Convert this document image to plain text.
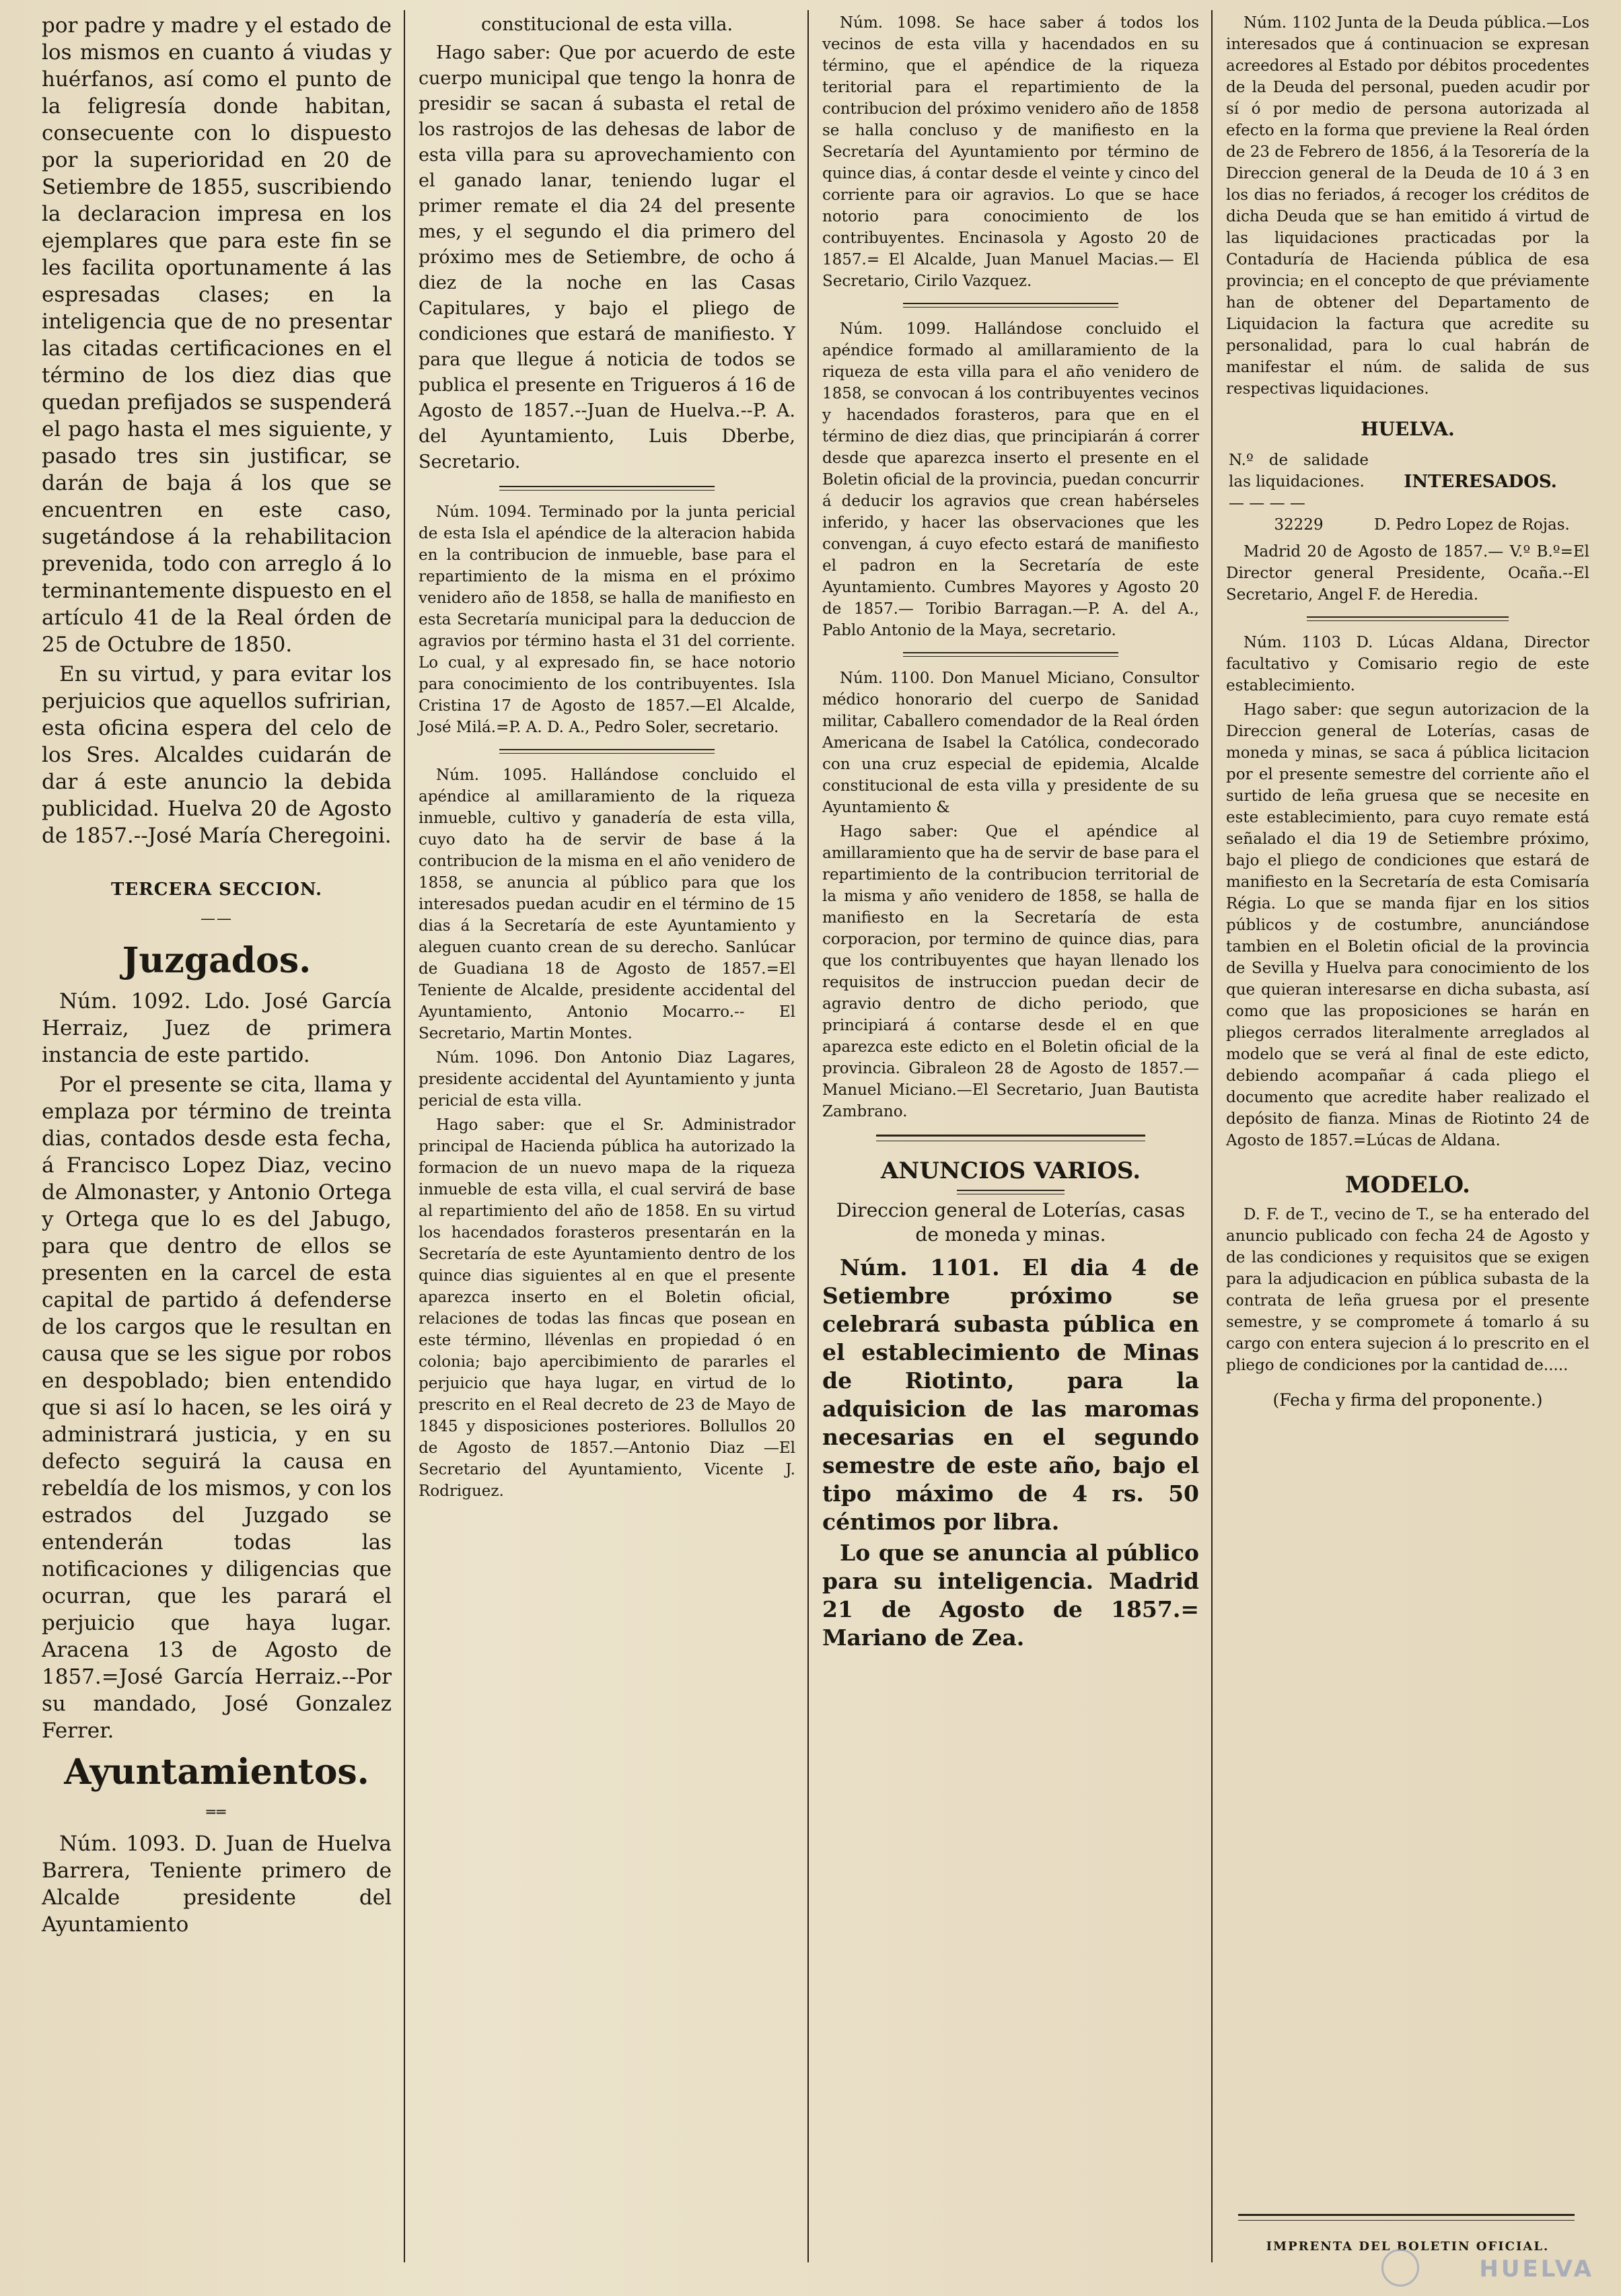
por padre y madre y el estado de los mismos en cuanto á viudas y huérfanos, así como el punto de la feligresía donde habitan, consecuente con lo dispuesto por la superioridad en 20 de Setiembre de 1855, suscribiendo la declaracion impresa en los ejemplares que para este fin se les facilita oportunamente á las espresadas clases; en la inteligencia que de no presentar las citadas certificaciones en el término de los diez dias que quedan prefijados se suspenderá el pago hasta el mes siguiente, y pasado tres sin justificar, se darán de baja á los que se encuentren en este caso, sugetándose á la rehabilitacion prevenida, todo con arreglo á lo terminantemente dispuesto en el artículo 41 de la Real órden de 25 de Octubre de 1850.

En su virtud, y para evitar los perjuicios que aquellos sufririan, esta oficina espera del celo de los Sres. Alcaldes cuidarán de dar á este anuncio la debida publicidad. Huelva 20 de Agosto de 1857.--José María Cheregoini.

TERCERA SECCION.
——
Juzgados.

Núm. 1092. Ldo. José García Herraiz, Juez de primera instancia de este partido.

Por el presente se cita, llama y emplaza por término de treinta dias, contados desde esta fecha, á Francisco Lopez Diaz, vecino de Almonaster, y Antonio Ortega y Ortega que lo es del Jabugo, para que dentro de ellos se presenten en la carcel de esta capital de partido á defenderse de los cargos que le resultan en causa que se les sigue por robos en despoblado; bien entendido que si así lo hacen, se les oirá y administrará justicia, y en su defecto seguirá la causa en rebeldía de los mismos, y con los estrados del Juzgado se entenderán todas las notificaciones y diligencias que ocurran, que les parará el perjuicio que haya lugar. Aracena 13 de Agosto de 1857.=José García Herraiz.--Por su mandado, José Gonzalez Ferrer.

Ayuntamientos.
══

Núm. 1093. D. Juan de Huelva Barrera, Teniente primero de Alcalde presidente del Ayuntamiento

constitucional de esta villa.

Hago saber: Que por acuerdo de este cuerpo municipal que tengo la honra de presidir se sacan á subasta el retal de los rastrojos de las dehesas de labor de esta villa para su aprovechamiento con el ganado lanar, teniendo lugar el primer remate el dia 24 del presente mes, y el segundo el dia primero del próximo mes de Setiembre, de ocho á diez de la noche en las Casas Capitulares, y bajo el pliego de condiciones que estará de manifiesto. Y para que llegue á noticia de todos se publica el presente en Trigueros á 16 de Agosto de 1857.--Juan de Huelva.--P. A. del Ayuntamiento, Luis Dberbe, Secretario.

Núm. 1094. Terminado por la junta pericial de esta Isla el apéndice de la alteracion habida en la contribucion de inmueble, base para el repartimiento de la misma en el próximo venidero año de 1858, se halla de manifiesto en esta Secretaría municipal para la deduccion de agravios por término hasta el 31 del corriente. Lo cual, y al expresado fin, se hace notorio para conocimiento de los contribuyentes. Isla Cristina 17 de Agosto de 1857.—El Alcalde, José Milá.=P. A. D. A., Pedro Soler, secretario.

Núm. 1095. Hallándose concluido el apéndice al amillaramiento de la riqueza inmueble, cultivo y ganadería de esta villa, cuyo dato ha de servir de base á la contribucion de la misma en el año venidero de 1858, se anuncia al público para que los interesados puedan acudir en el término de 15 dias á la Secretaría de este Ayuntamiento y aleguen cuanto crean de su derecho. Sanlúcar de Guadiana 18 de Agosto de 1857.=El Teniente de Alcalde, presidente accidental del Ayuntamiento, Antonio Mocarro.-- El Secretario, Martin Montes.

Núm. 1096. Don Antonio Diaz Lagares, presidente accidental del Ayuntamiento y junta pericial de esta villa.

Hago saber: que el Sr. Administrador principal de Hacienda pública ha autorizado la formacion de un nuevo mapa de la riqueza inmueble de esta villa, el cual servirá de base al repartimiento del año de 1858. En su virtud los hacendados forasteros presentarán en la Secretaría de este Ayuntamiento dentro de los quince dias siguientes al en que el presente aparezca inserto en el Boletin oficial, relaciones de todas las fincas que posean en este término, llévenlas en propiedad ó en colonia; bajo apercibimiento de pararles el perjuicio que haya lugar, en virtud de lo prescrito en el Real decreto de 23 de Mayo de 1845 y disposiciones posteriores. Bollullos 20 de Agosto de 1857.—Antonio Diaz —El Secretario del Ayuntamiento, Vicente J. Rodriguez.

Núm. 1098. Se hace saber á todos los vecinos de esta villa y hacendados en su término, que el apéndice de la riqueza teritorial para el repartimiento de la contribucion del próximo venidero año de 1858 se halla concluso y de manifiesto en la Secretaría del Ayuntamiento por término de quince dias, á contar desde el veinte y cinco del corriente para oir agravios. Lo que se hace notorio para conocimiento de los contribuyentes. Encinasola y Agosto 20 de 1857.= El Alcalde, Juan Manuel Macias.— El Secretario, Cirilo Vazquez.

Núm. 1099. Hallándose concluido el apéndice formado al amillaramiento de la riqueza de esta villa para el año venidero de 1858, se convocan á los contribuyentes vecinos y hacendados forasteros, para que en el término de diez dias, que principiarán á correr desde que aparezca inserto el presente en el Boletin oficial de la provincia, puedan concurrir á deducir los agravios que crean habérseles inferido, y hacer las observaciones que les convengan, á cuyo efecto estará de manifiesto el padron en la Secretaría de este Ayuntamiento. Cumbres Mayores y Agosto 20 de 1857.— Toribio Barragan.—P. A. del A., Pablo Antonio de la Maya, secretario.

Núm. 1100. Don Manuel Miciano, Consultor médico honorario del cuerpo de Sanidad militar, Caballero comendador de la Real órden Americana de Isabel la Católica, condecorado con una cruz especial de epidemia, Alcalde constitucional de esta villa y presidente de su Ayuntamiento &

Hago saber: Que el apéndice al amillaramiento que ha de servir de base para el repartimiento de la contribucion territorial de la misma y año venidero de 1858, se halla de manifiesto en la Secretaría de esta corporacion, por termino de quince dias, para que los contribuyentes que hayan llenado los requisitos de instruccion puedan decir de agravio dentro de dicho periodo, que principiará á contarse desde el en que aparezca este edicto en el Boletin oficial de la provincia. Gibraleon 28 de Agosto de 1857.—Manuel Miciano.—El Secretario, Juan Bautista Zambrano.

ANUNCIOS VARIOS.
Direccion general de Loterías, casas de moneda y minas.

Núm. 1101. El dia 4 de Setiembre próximo se celebrará subasta pública en el establecimiento de Minas de Riotinto, para la adquisicion de las maromas necesarias en el segundo semestre de este año, bajo el tipo máximo de 4 rs. 50 céntimos por libra.

Lo que se anuncia al público para su inteligencia. Madrid 21 de Agosto de 1857.= Mariano de Zea.

Núm. 1102 Junta de la Deuda pública.—Los interesados que á continuacion se expresan acreedores al Estado por débitos procedentes de la Deuda del personal, pueden acudir por sí ó por medio de persona autorizada al efecto en la forma que previene la Real órden de 23 de Febrero de 1856, á la Tesorería de la Direccion general de la Deuda de 10 á 3 en los dias no feriados, á recoger los créditos de dicha Deuda que se han emitido á virtud de las liquidaciones practicadas por la Contaduría de Hacienda pública de esa provincia; en el concepto de que préviamente han de obtener del Departamento de Liquidacion la factura que acredite su personalidad, para lo cual habrán de manifestar el núm. de salida de sus respectivas liquidaciones.

HUELVA.
N.º de salidade las liquidaciones.	INTERESADOS.
— — — —	
32229	D. Pedro Lopez de Rojas.

Madrid 20 de Agosto de 1857.— V.º B.º=El Director general Presidente, Ocaña.--El Secretario, Angel F. de Heredia.

Núm. 1103 D. Lúcas Aldana, Director facultativo y Comisario regio de este establecimiento.

Hago saber: que segun autorizacion de la Direccion general de Loterías, casas de moneda y minas, se saca á pública licitacion por el presente semestre del corriente año el surtido de leña gruesa que se necesite en este establecimiento, para cuyo remate está señalado el dia 19 de Setiembre próximo, bajo el pliego de condiciones que estará de manifiesto en la Secretaría de esta Comisaría Régia. Lo que se manda fijar en los sitios públicos y de costumbre, anunciándose tambien en el Boletin oficial de la provincia de Sevilla y Huelva para conocimiento de los que quieran interesarse en dicha subasta, así como que las proposiciones se harán en pliegos cerrados literalmente arreglados al modelo que se verá al final de este edicto, debiendo acompañar á cada pliego el documento que acredite haber realizado el depósito de fianza. Minas de Riotinto 24 de Agosto de 1857.=Lúcas de Aldana.

MODELO.

D. F. de T., vecino de T., se ha enterado del anuncio publicado con fecha 24 de Agosto y de las condiciones y requisitos que se exigen para la adjudicacion en pública subasta de la contrata de leña gruesa por el presente semestre, y se compromete á tomarlo á su cargo con entera sujecion á lo prescrito en el pliego de condiciones por la cantidad de.....

(Fecha y firma del proponente.)

IMPRENTA DEL BOLETIN OFICIAL.
HUELVA
